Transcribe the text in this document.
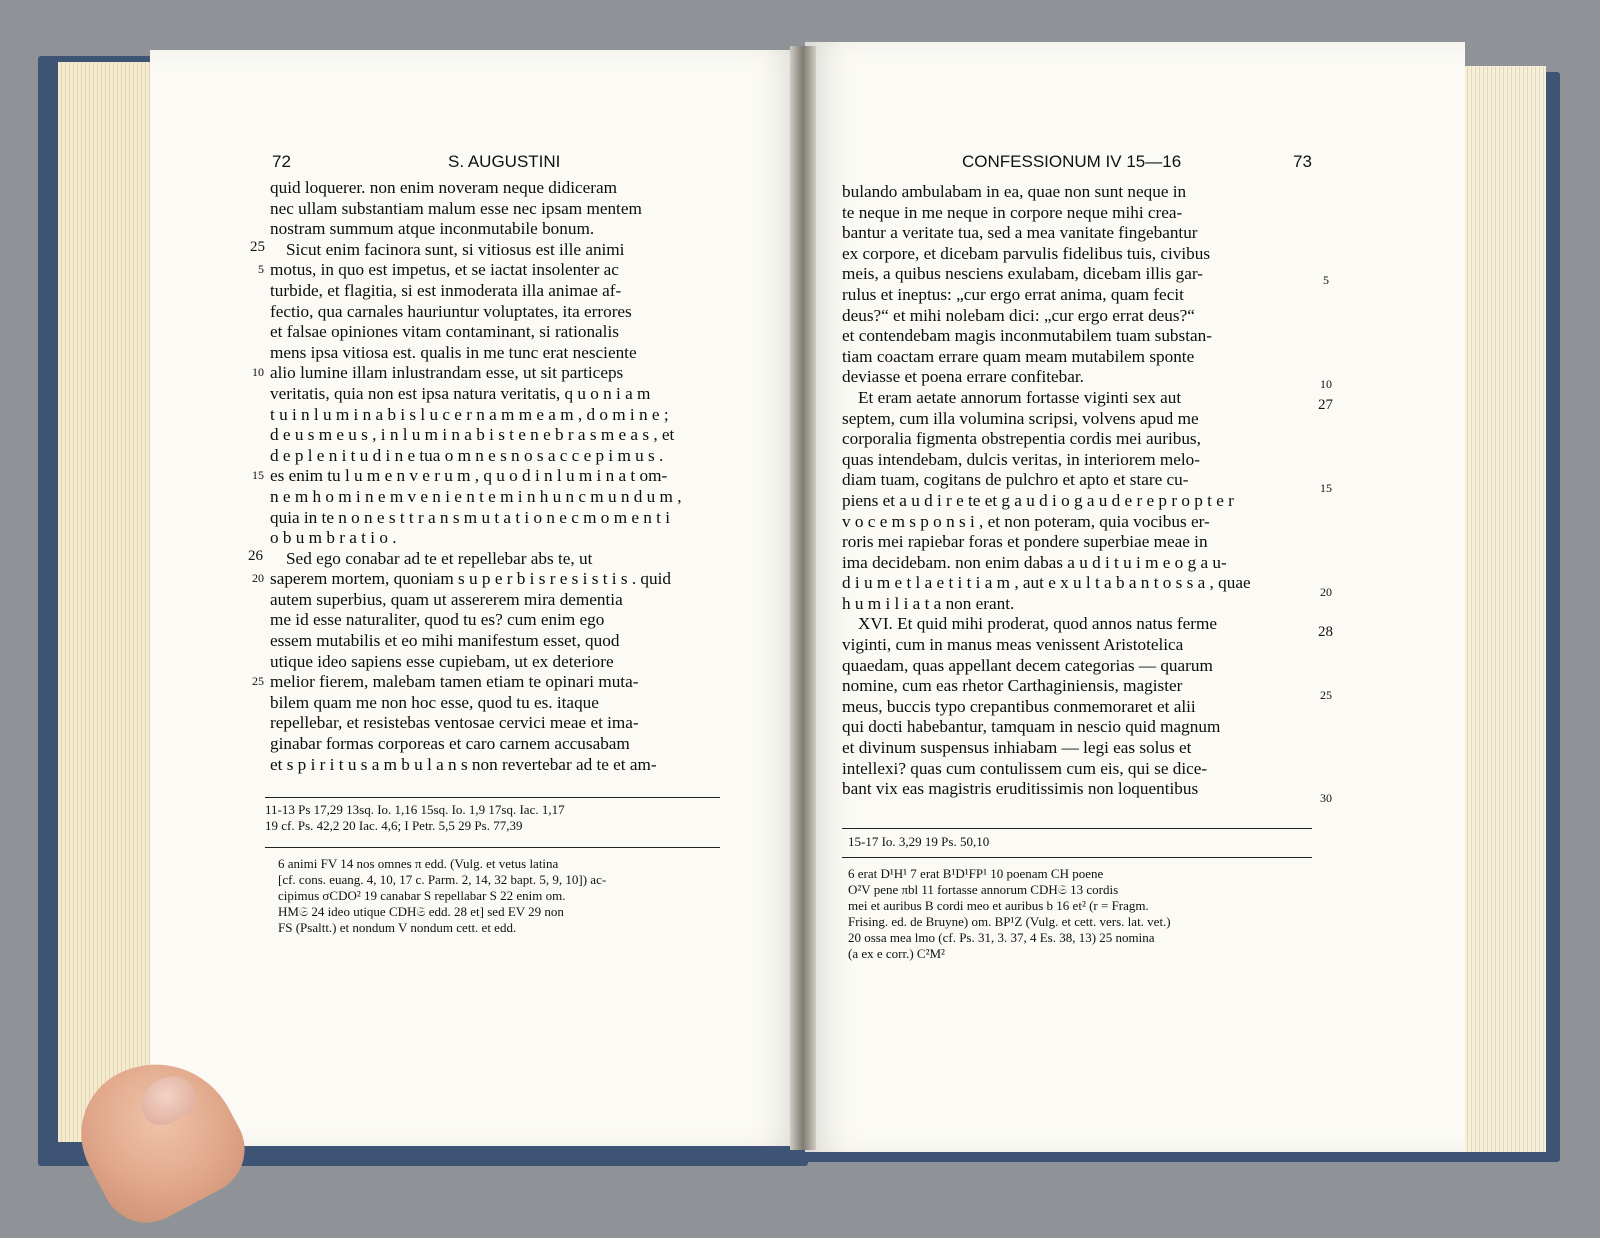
72	S. AUGUSTINI	CONFESSIONUM IV 15—16	73
quid loquerer. non enim noveram neque didiceram
nec ullam substantiam malum esse nec ipsam mentem
nostram summum atque inconmutabile bonum.
Sicut enim facinora sunt, si vitiosus est ille animi
motus, in quo est impetus, et se iactat insolenter ac
turbide, et flagitia, si est inmoderata illa animae af-
fectio, qua carnales hauriuntur voluptates, ita errores
et falsae opiniones vitam contaminant, si rationalis
mens ipsa vitiosa est. qualis in me tunc erat nesciente
alio lumine illam inlustrandam esse, ut sit particeps
veritatis, quia non est ipsa natura veritatis, q u o n i a m
t u i n l u m i n a b i s l u c e r n a m m e a m , d o m i n e ;
d e u s m e u s , i n l u m i n a b i s t e n e b r a s m e a s , et
d e p l e n i t u d i n e tua o m n e s n o s a c c e p i m u s .
es enim tu l u m e n v e r u m , q u o d i n l u m i n a t om-
n e m h o m i n e m v e n i e n t e m i n h u n c m u n d u m ,
quia in te n o n e s t t r a n s m u t a t i o n e c m o m e n t i
o b u m b r a t i o .
Sed ego conabar ad te et repellebar abs te, ut
saperem mortem, quoniam s u p e r b i s r e s i s t i s . quid
autem superbius, quam ut assererem mira dementia
me id esse naturaliter, quod tu es? cum enim ego
essem mutabilis et eo mihi manifestum esset, quod
utique ideo sapiens esse cupiebam, ut ex deteriore
melior fierem, malebam tamen etiam te opinari muta-
bilem quam me non hoc esse, quod tu es. itaque
repellebar, et resistebas ventosae cervici meae et ima-
ginabar formas corporeas et caro carnem accusabam
et s p i r i t u s a m b u l a n s non revertebar ad te et am-
25
5
10
15
26
20
25
11-13 Ps 17,29 13sq. Io. 1,16 15sq. Io. 1,9 17sq. Iac. 1,17
19 cf. Ps. 42,2 20 Iac. 4,6; I Petr. 5,5 29 Ps. 77,39
6 animi FV 14 nos omnes π edd. (Vulg. et vetus latina
[cf. cons. euang. 4, 10, 17 c. Parm. 2, 14, 32 bapt. 5, 9, 10]) ac-
cipimus σCDO² 19 canabar S repellabar S 22 enim om.
HM𝔖 24 ideo utique CDH𝔖 edd. 28 et] sed EV 29 non
FS (Psaltt.) et nondum V nondum cett. et edd.
bulando ambulabam in ea, quae non sunt neque in
te neque in me neque in corpore neque mihi crea-
bantur a veritate tua, sed a mea vanitate fingebantur
ex corpore, et dicebam parvulis fidelibus tuis, civibus
meis, a quibus nesciens exulabam, dicebam illis gar-
rulus et ineptus: „cur ergo errat anima, quam fecit
deus?“ et mihi nolebam dici: „cur ergo errat deus?“
et contendebam magis inconmutabilem tuam substan-
tiam coactam errare quam meam mutabilem sponte
deviasse et poena errare confitebar.
Et eram aetate annorum fortasse viginti sex aut
septem, cum illa volumina scripsi, volvens apud me
corporalia figmenta obstrepentia cordis mei auribus,
quas intendebam, dulcis veritas, in interiorem melo-
diam tuam, cogitans de pulchro et apto et stare cu-
piens et a u d i r e te et g a u d i o g a u d e r e p r o p t e r
v o c e m s p o n s i , et non poteram, quia vocibus er-
roris mei rapiebar foras et pondere superbiae meae in
ima decidebam. non enim dabas a u d i t u i m e o g a u-
d i u m e t l a e t i t i a m , aut e x u l t a b a n t o s s a , quae
h u m i l i a t a non erant.
XVI. Et quid mihi proderat, quod annos natus ferme
viginti, cum in manus meas venissent Aristotelica
quaedam, quas appellant decem categorias — quarum
nomine, cum eas rhetor Carthaginiensis, magister
meus, buccis typo crepantibus conmemoraret et alii
qui docti habebantur, tamquam in nescio quid magnum
et divinum suspensus inhiabam — legi eas solus et
intellexi? quas cum contulissem cum eis, qui se dice-
bant vix eas magistris eruditissimis non loquentibus
5
10
27
15
20
28
25
30
15-17 Io. 3,29 19 Ps. 50,10
6 erat D¹H¹ 7 erat B¹D¹FP¹ 10 poenam CH poene
O²V pene πbl 11 fortasse annorum CDH𝔖 13 cordis
mei et auribus B cordi meo et auribus b 16 et² (r = Fragm.
Frising. ed. de Bruyne) om. BP¹Z (Vulg. et cett. vers. lat. vet.)
20 ossa mea lmo (cf. Ps. 31, 3. 37, 4 Es. 38, 13) 25 nomina
(a ex e corr.) C²M²
